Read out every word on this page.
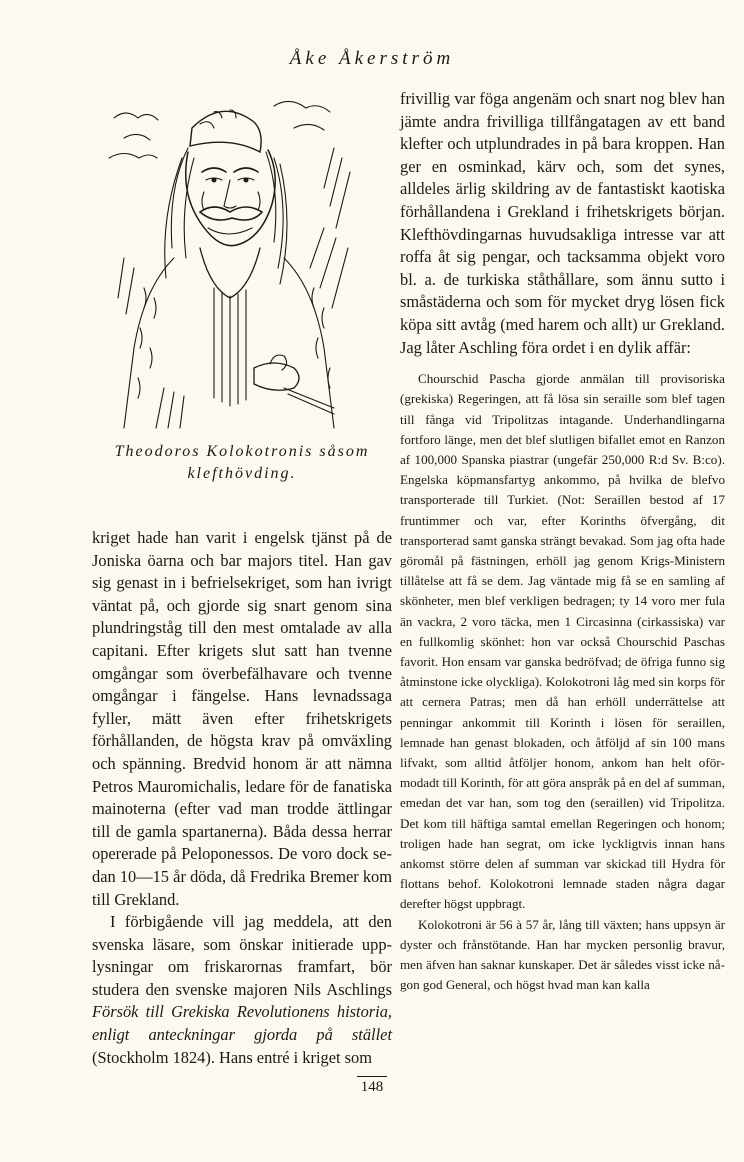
Åke Åkerström
Theodoros Kolokotronis såsom
klefthövding.

kriget hade han varit i engelsk tjänst på de Joniska öarna och bar majors titel. Han gav sig genast in i befrielsekriget, som han ivrigt väntat på, och gjorde sig snart genom sina plundringståg till den mest omtalade av alla capitani. Efter krigets slut satt han tvenne omgångar som överbefälhavare och tvenne omgångar i fängelse. Hans levnadssaga fyller, mätt även efter frihetskrigets förhållanden, de högsta krav på omväxling och spänning. Bredvid honom är att nämna Petros Mauromichalis, ledare för de fanatiska mainoterna (efter vad man trodde ättlingar till de gamla spartanerna). Båda dessa herrar opererade på Peloponessos. De voro dock sedan 10—15 år döda, då Fredrika Bremer kom till Grekland.

I förbigående vill jag meddela, att den svenska läsare, som önskar initierade upplysningar om friskarornas framfart, bör studera den svenske majoren Nils Aschlings Försök till Grekiska Revolutionens historia, enligt anteckningar gjorda på stället (Stockholm 1824). Hans entré i kriget som

frivillig var föga angenäm och snart nog blev han jämte andra frivilliga tillfångatagen av ett band klefter och utplundrades in på bara kroppen. Han ger en osminkad, kärv och, som det synes, alldeles ärlig skildring av de fantastiskt kaotiska förhållandena i Grekland i frihetskrigets början. Klefthövdingarnas huvudsakliga intresse var att roffa åt sig pengar, och tacksamma objekt voro bl. a. de turkiska ståthållare, som ännu sutto i småstäderna och som för mycket dryg lösen fick köpa sitt avtåg (med harem och allt) ur Grekland. Jag låter Aschling föra ordet i en dylik affär:

Chourschid Pascha gjorde anmälan till provisoriska (grekiska) Regeringen, att få lösa sin seraille som blef tagen till fånga vid Tripolitzas intagande. Underhandlingarna fortforo länge, men det blef slutligen bifallet emot en Ranzon af 100,000 Spanska piastrar (ungefär 250,000 R:d Sv. B:co). Engelska köpmansfartyg ankommo, på hvilka de blefvo transporterade till Turkiet. (Not: Seraillen bestod af 17 fruntimmer och var, efter Korinths öfvergång, dit transporterad samt ganska strängt bevakad. Som jag ofta hade göromål på fästningen, erhöll jag genom Krigs-Ministern tillåtelse att få se dem. Jag väntade mig få se en samling af skönheter, men blef verkligen bedragen; ty 14 voro mer fula än vackra, 2 voro täcka, men 1 Circasinna (cirkassiska) var en fullkomlig skönhet: hon var också Chourschid Paschas favorit. Hon ensam var ganska bedröfvad; de öfriga funno sig åtminstone icke olyckliga). Kolokotroni låg med sin korps för att cernera Patras; men då han erhöll underrättelse att penningar ankommit till Korinth i lösen för seraillen, lemnade han genast blokaden, och åtföljd af sin 100 mans lifvakt, som alltid åtföljer honom, ankom han helt oförmodadt till Korinth, för att göra anspråk på en del af summan, emedan det var han, som tog den (seraillen) vid Tripolitza. Det kom till häftiga samtal emellan Regeringen och honom; troligen hade han segrat, om icke lyckligtvis innan hans ankomst större delen af summan var skickad till Hydra för flottans behof. Kolokotroni lemnade staden några dagar derefter högst uppbragt.

Kolokotroni är 56 à 57 år, lång till växten; hans uppsyn är dyster och frånstötande. Han har mycken personlig bravur, men äfven han saknar kunskaper. Det är således visst icke någon god General, och högst hvad man kan kalla

148
